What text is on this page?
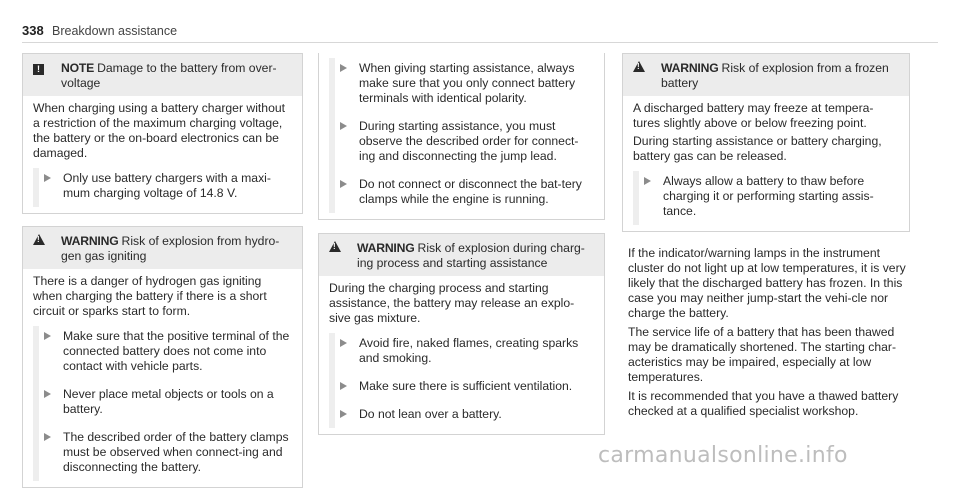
338 Breakdown assistance
!	NOTE Damage to the battery from over-voltage

When charging using a battery charger without a restriction of the maximum charging voltage, the battery or the on-board electronics can be damaged.

Only use battery chargers with a maxi-mum charging voltage of 14.8 V.
!
WARNING Risk of explosion from hydro-gen gas igniting

There is a danger of hydrogen gas igniting when charging the battery if there is a short circuit or sparks start to form.

Make sure that the positive terminal of the connected battery does not come into contact with vehicle parts.
Never place metal objects or tools on a battery.
The described order of the battery clamps must be observed when connect-ing and disconnecting the battery.
When giving starting assistance, always make sure that you only connect battery terminals with identical polarity.
During starting assistance, you must observe the described order for connect-ing and disconnecting the jump lead.
Do not connect or disconnect the bat-tery clamps while the engine is running.
!
WARNING Risk of explosion during charg-ing process and starting assistance

During the charging process and starting assistance, the battery may release an explo-sive gas mixture.

Avoid fire, naked flames, creating sparks and smoking.
Make sure there is sufficient ventilation.
Do not lean over a battery.
!
WARNING Risk of explosion from a frozen battery

A discharged battery may freeze at tempera-tures slightly above or below freezing point.

During starting assistance or battery charging, battery gas can be released.

Always allow a battery to thaw before charging it or performing starting assis-tance.

If the indicator/warning lamps in the instrument cluster do not light up at low temperatures, it is very likely that the discharged battery has frozen. In this case you may neither jump-start the vehi-cle nor charge the battery.

The service life of a battery that has been thawed may be dramatically shortened. The starting char-acteristics may be impaired, especially at low temperatures.

It is recommended that you have a thawed battery checked at a qualified specialist workshop.

carmanualsonline.info
